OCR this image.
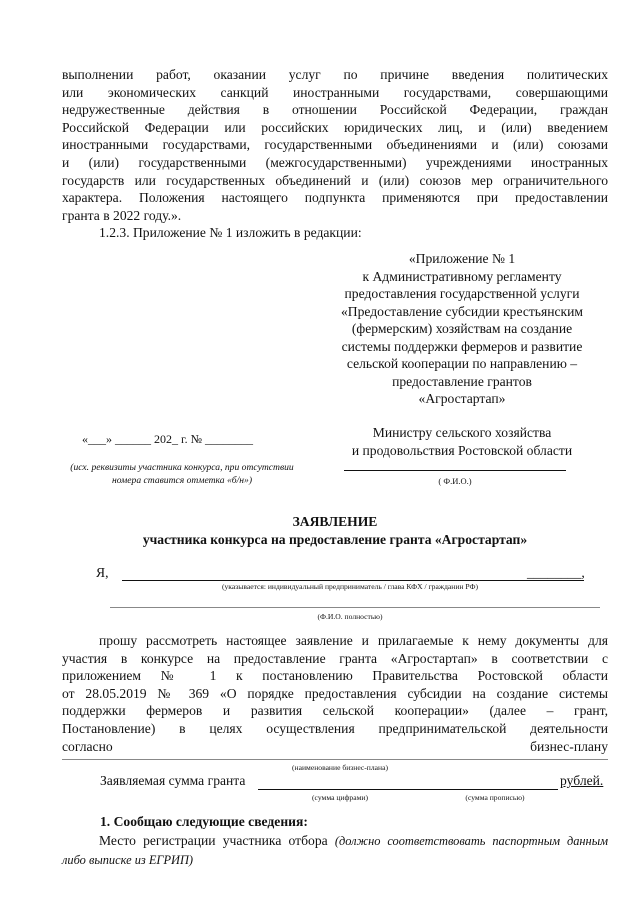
выполнении работ, оказании услуг по причине введения политических
или экономических санкций иностранными государствами, совершающими
недружественные действия в отношении Российской Федерации, граждан
Российской Федерации или российских юридических лиц, и (или) введением
иностранными государствами, государственными объединениями и (или) союзами
и (или) государственными (межгосударственными) учреждениями иностранных
государств или государственных объединений и (или) союзов мер ограничительного
характера. Положения настоящего подпункта применяются при предоставлении
гранта в 2022 году.».
1.2.3. Приложение № 1 изложить в редакции:
«Приложение № 1
к Административному регламенту
предоставления государственной услуги
«Предоставление субсидии крестьянским
(фермерским) хозяйствам на создание
системы поддержки фермеров и развитие
сельской кооперации по направлению –
предоставление грантов
«Агростартап»
«___» ______ 202_ г. № ________
(исх. реквизиты участника конкурса, при отсутствии номера ставится отметка «б/н»)
Министру сельского хозяйства
и продовольствия Ростовской области
( Ф.И.О.)
ЗАЯВЛЕНИЕ
участника конкурса на предоставление гранта «Агростартап»
Я,	________,
(указывается: индивидуальный предприниматель / глава КФХ / гражданин РФ)
(Ф.И.О. полностью)
прошу рассмотреть настоящее заявление и прилагаемые к нему документы для
участия в конкурсе на предоставление гранта «Агростартап» в соответствии с
приложением № 1 к постановлению Правительства Ростовской области
от 28.05.2019 № 369 «О порядке предоставления субсидии на создание системы
поддержки фермеров и развития сельской кооперации» (далее – грант,
Постановление) в целях осуществления предпринимательской деятельности
согласно бизнес-плану
(наименование бизнес-плана)
Заявляемая сумма гранта	рублей.
(сумма цифрами)	(сумма прописью)
1. Сообщаю следующие сведения:
Место регистрации участника отбора (должно соответствовать паспортным данным либо выписке из ЕГРИП)
